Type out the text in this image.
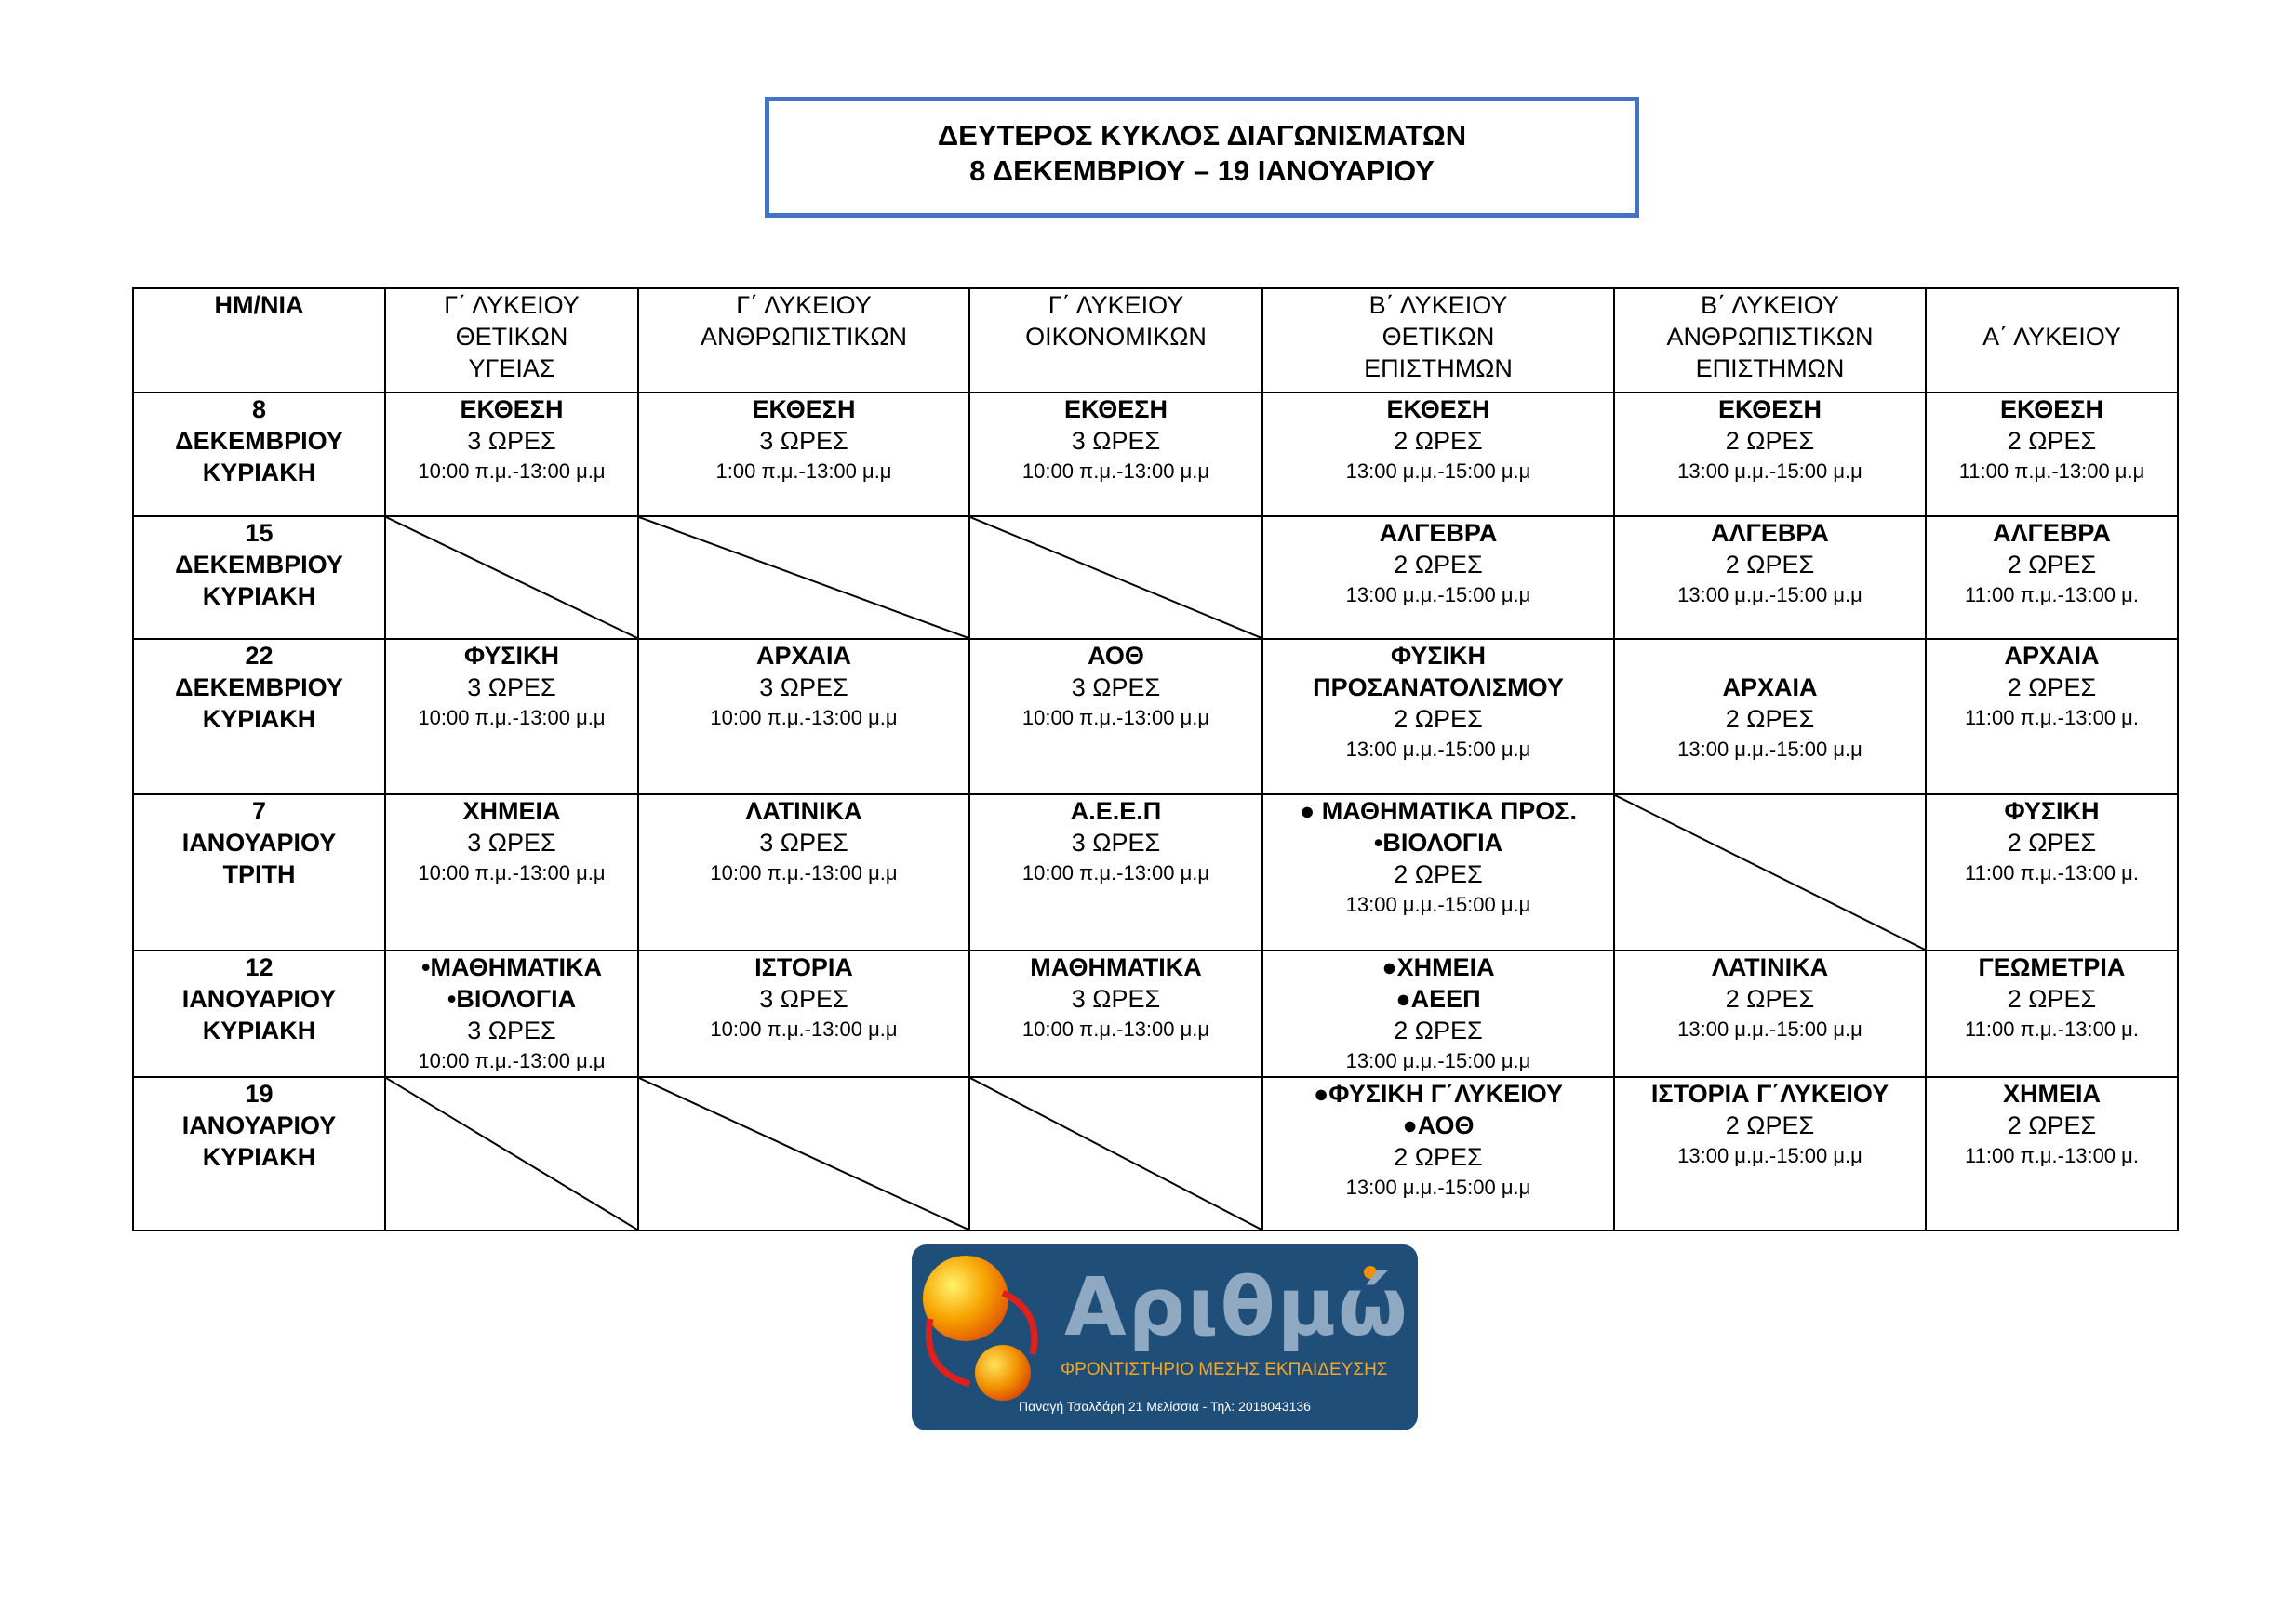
ΔΕΥΤΕΡΟΣ ΚΥΚΛΟΣ ΔΙΑΓΩΝΙΣΜΑΤΩΝ
8 ΔΕΚΕΜΒΡΙΟΥ – 19 ΙΑΝΟΥΑΡΙΟΥ
ΗΜ/ΝΙΑ	Γ΄ ΛΥΚΕΙΟΥ
ΘΕΤΙΚΩΝ
ΥΓΕΙΑΣ	Γ΄ ΛΥΚΕΙΟΥ
ΑΝΘΡΩΠΙΣΤΙΚΩΝ	Γ΄ ΛΥΚΕΙΟΥ
ΟΙΚΟΝΟΜΙΚΩΝ	Β΄ ΛΥΚΕΙΟΥ
ΘΕΤΙΚΩΝ
ΕΠΙΣΤΗΜΩΝ	Β΄ ΛΥΚΕΙΟΥ
ΑΝΘΡΩΠΙΣΤΙΚΩΝ
ΕΠΙΣΤΗΜΩΝ	Α΄ ΛΥΚΕΙΟΥ

8
ΔΕΚΕΜΒΡΙΟΥ
ΚΥΡΙΑΚΗ	ΕΚΘΕΣΗ
3 ΩΡΕΣ
10:00 π.μ.-13:00 μ.μ	ΕΚΘΕΣΗ
3 ΩΡΕΣ
1:00 π.μ.-13:00 μ.μ	ΕΚΘΕΣΗ
3 ΩΡΕΣ
10:00 π.μ.-13:00 μ.μ	ΕΚΘΕΣΗ
2 ΩΡΕΣ
13:00 μ.μ.-15:00 μ.μ	ΕΚΘΕΣΗ
2 ΩΡΕΣ
13:00 μ.μ.-15:00 μ.μ	ΕΚΘΕΣΗ
2 ΩΡΕΣ
11:00 π.μ.-13:00 μ.μ

15
ΔΕΚΕΜΒΡΙΟΥ
ΚΥΡΙΑΚΗ				ΑΛΓΕΒΡΑ
2 ΩΡΕΣ
13:00 μ.μ.-15:00 μ.μ	ΑΛΓΕΒΡΑ
2 ΩΡΕΣ
13:00 μ.μ.-15:00 μ.μ	ΑΛΓΕΒΡΑ
2 ΩΡΕΣ
11:00 π.μ.-13:00 μ.

22
ΔΕΚΕΜΒΡΙΟΥ
ΚΥΡΙΑΚΗ	ΦΥΣΙΚΗ
3 ΩΡΕΣ
10:00 π.μ.-13:00 μ.μ	ΑΡΧΑΙΑ
3 ΩΡΕΣ
10:00 π.μ.-13:00 μ.μ	ΑΟΘ
3 ΩΡΕΣ
10:00 π.μ.-13:00 μ.μ	ΦΥΣΙΚΗ
ΠΡΟΣΑΝΑΤΟΛΙΣΜΟΥ
2 ΩΡΕΣ
13:00 μ.μ.-15:00 μ.μ	ΑΡΧΑΙΑ
2 ΩΡΕΣ
13:00 μ.μ.-15:00 μ.μ	ΑΡΧΑΙΑ
2 ΩΡΕΣ
11:00 π.μ.-13:00 μ.

7
ΙΑΝΟΥΑΡΙΟΥ
ΤΡΙΤΗ	ΧΗΜΕΙΑ
3 ΩΡΕΣ
10:00 π.μ.-13:00 μ.μ	ΛΑΤΙΝΙΚΑ
3 ΩΡΕΣ
10:00 π.μ.-13:00 μ.μ	Α.Ε.Ε.Π
3 ΩΡΕΣ
10:00 π.μ.-13:00 μ.μ	● ΜΑΘΗΜΑΤΙΚΑ ΠΡΟΣ.
•ΒΙΟΛΟΓΙΑ
2 ΩΡΕΣ
13:00 μ.μ.-15:00 μ.μ		ΦΥΣΙΚΗ
2 ΩΡΕΣ
11:00 π.μ.-13:00 μ.

12
ΙΑΝΟΥΑΡΙΟΥ
ΚΥΡΙΑΚΗ	•ΜΑΘΗΜΑΤΙΚΑ
•ΒΙΟΛΟΓΙΑ
3 ΩΡΕΣ
10:00 π.μ.-13:00 μ.μ	ΙΣΤΟΡΙΑ
3 ΩΡΕΣ
10:00 π.μ.-13:00 μ.μ	ΜΑΘΗΜΑΤΙΚΑ
3 ΩΡΕΣ
10:00 π.μ.-13:00 μ.μ	●ΧΗΜΕΙΑ
●ΑΕΕΠ
2 ΩΡΕΣ
13:00 μ.μ.-15:00 μ.μ	ΛΑΤΙΝΙΚΑ
2 ΩΡΕΣ
13:00 μ.μ.-15:00 μ.μ	ΓΕΩΜΕΤΡΙΑ
2 ΩΡΕΣ
11:00 π.μ.-13:00 μ.

19
ΙΑΝΟΥΑΡΙΟΥ
ΚΥΡΙΑΚΗ				●ΦΥΣΙΚΗ Γ΄ΛΥΚΕΙΟΥ
●ΑΟΘ
2 ΩΡΕΣ
13:00 μ.μ.-15:00 μ.μ	ΙΣΤΟΡΙΑ Γ΄ΛΥΚΕΙΟΥ
2 ΩΡΕΣ
13:00 μ.μ.-15:00 μ.μ	ΧΗΜΕΙΑ
2 ΩΡΕΣ
11:00 π.μ.-13:00 μ.
Αριθμώ
ΦΡΟΝΤΙΣΤΗΡΙΟ ΜΕΣΗΣ ΕΚΠΑΙΔΕΥΣΗΣ
Παναγή Τσαλδάρη 21 Μελίσσια - Τηλ: 2018043136
